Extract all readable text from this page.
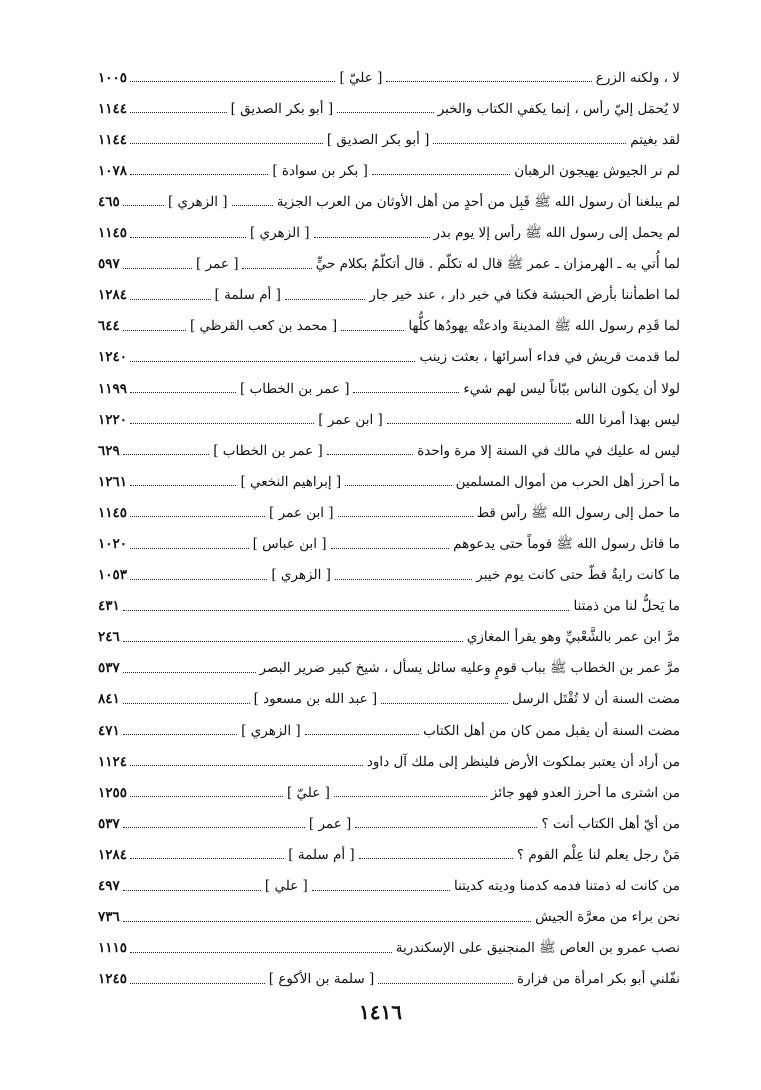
لا ، ولكنه الزرع
[ عليّ ]
١٠٠٥
لا يُحمَل إليّ رأس ، إنما يكفي الكتاب والخبر
[ أبو بكر الصديق ]
١١٤٤
لقد بغيتم
[ أبو بكر الصديق ]
١١٤٤
لم نر الجيوش يهيجون الرهبان
[ بكر بن سوادة ]
١٠٧٨
لم يبلغنا أن رسول الله ﷺ قَبِل من أحدٍ من أهل الأوثان من العرب الجزية
[ الزهري ]
٤٦٥
لم يحمل إلى رسول الله ﷺ رأس إلا يوم بدر
[ الزهري ]
١١٤٥
لما أُتي به ـ الهرمزان ـ عمر ﷺ قال له تكلّم . قال أتكلّمُ بكلام حيٍّ
[ عمر ]
٥٩٧
لما اطمأننا بأرض الحبشة فكنا في خير دار ، عند خير جار
[ أم سلمة ]
١٢٨٤
لما قَدِم رسول الله ﷺ المدينةَ وادعتْه يهودُها كلُّها
[ محمد بن كعب القرظي ]
٦٤٤
لما قدمت قريش في فداء أسرائها ، بعثت زينب
١٢٤٠
لولا أن يكون الناس ببّاناً ليس لهم شيء
[ عمر بن الخطاب ]
١١٩٩
ليس بهذا أمرنا الله
[ ابن عمر ]
١٢٢٠
ليس له عليك في مالك في السنة إلا مرة واحدة
[ عمر بن الخطاب ]
٦٢٩
ما أحرز أهل الحرب من أموال المسلمين
[ إبراهيم النخعي ]
١٢٦١
ما حمل إلى رسول الله ﷺ رأس قط
[ ابن عمر ]
١١٤٥
ما قاتل رسول الله ﷺ قوماً حتى يدعوهم
[ ابن عباس ]
١٠٢٠
ما كانت رايةٌ قطّ حتى كانت يوم خيبر
[ الزهري ]
١٠٥٣
ما يَحلُّ لنا من ذمتنا
٤٣١
مرَّ ابن عمر بالشَّعْبيِّ وهو يقرأ المغازي
٢٤٦
مرَّ عمر بن الخطاب ﷺ بباب قومٍ وعليه سائل يسأل ، شيخ كبير ضرير البصر
٥٣٧
مضت السنة أن لا تُقْتَل الرسل
[ عبد الله بن مسعود ]
٨٤١
مضت السنة أن يقبل ممن كان من أهل الكتاب
[ الزهري ]
٤٧١
من أراد أن يعتبر بملكوت الأرض فلينظر إلى ملك آل داود
١١٢٤
من اشترى ما أحرز العدو فهو جائز
[ عليّ ]
١٢٥٥
من أيّ أهل الكتاب أنت ؟
[ عمر ]
٥٣٧
مَنْ رجل يعلم لنا عِلْم القوم ؟
[ أم سلمة ]
١٢٨٤
من كانت له ذمتنا فدمه كدمنا وديته كديتنا
[ علي ]
٤٩٧
نحن براء من معرَّة الجيش
٧٣٦
نصب عمرو بن العاص ﷺ المنجنيق على الإسكندرية
١١١٥
نفّلني أبو بكر امرأة من فزارة
[ سلمة بن الأكوع ]
١٢٤٥
١٤١٦
